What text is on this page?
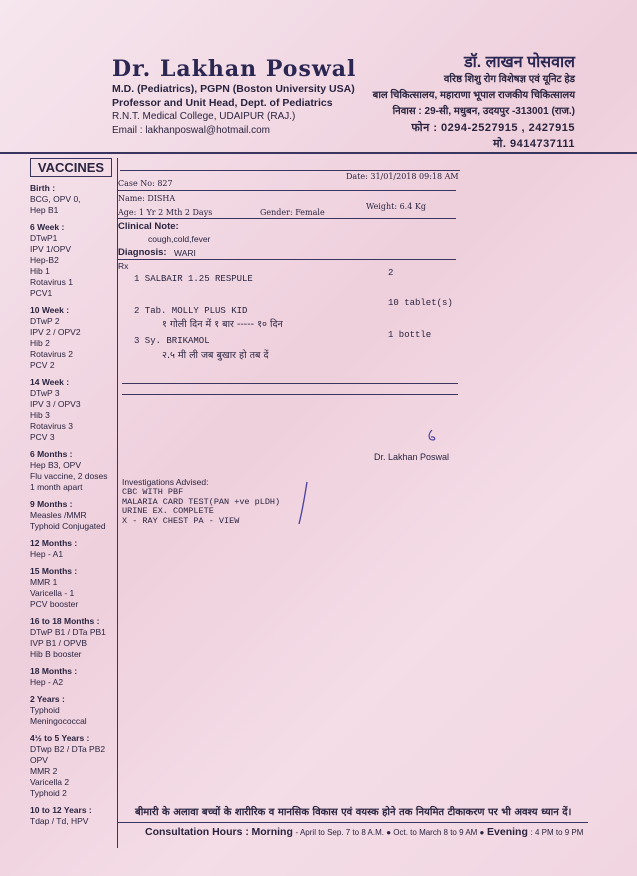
Dr. Lakhan Poswal
M.D. (Pediatrics), PGPN (Boston University USA)
Professor and Unit Head, Dept. of Pediatrics
R.N.T. Medical College, UDAIPUR (RAJ.)
Email : lakhanposwal@hotmail.com
डॉ. लाखन पोसवाल
वरिष्ठ शिशु रोग विशेषज्ञ एवं यूनिट हेड
बाल चिकित्सालय, महाराणा भूपाल राजकीय चिकित्सालय
निवास : 29-सी, मधुबन, उदयपुर -313001 (राज.)
फोन : 0294-2527915 , 2427915
मो. 9414737111
VACCINES
Birth :
BCG, OPV 0,
Hep B1
6 Week :
DTwP1
IPV 1/OPV
Hep-B2
Hib 1
Rotavirus 1
PCV1
10 Week :
DTwP 2
IPV 2 / OPV2
Hib 2
Rotavirus 2
PCV 2
14 Week :
DTwP 3
IPV 3 / OPV3
Hib 3
Rotavirus 3
PCV 3
6 Months :
Hep B3, OPV
Flu vaccine, 2 doses
1 month apart
9 Months :
Measles /MMR
Typhoid Conjugated
12 Months :
Hep - A1
15 Months :
MMR 1
Varicella - 1
PCV booster
16 to 18 Months :
DTwP B1 / DTa PB1
IVP B1 / OPVB
Hib B booster
18 Months :
Hep - A2
2 Years :
Typhoid
Meningococcal
4½ to 5 Years :
DTwp B2 / DTa PB2
OPV
MMR 2
Varicella 2
Typhoid 2
10 to 12 Years :
Tdap / Td, HPV
Date: 31/01/2018 09:18 AM
Case No: 827
Name: DISHA
Weight: 6.4 Kg
Age: 1 Yr 2 Mth 2 Days	Gender: Female
Clinical Note:
cough,cold,fever
Diagnosis: WARI
Rx
1 SALBAIR 1.25 RESPULE
2
2 Tab. MOLLY PLUS KID
10 tablet(s)
१ गोली दिन में १ बार ----- १० दिन
3 Sy. BRIKAMOL
1 bottle
२.५ मी ली जब बुखार हो तब दें
Dr. Lakhan Poswal
Investigations Advised:
CBC WITH PBF
MALARIA CARD TEST(PAN +ve pLDH)
URINE EX. COMPLETE
X - RAY CHEST PA - VIEW
बीमारी के अलावा बच्चों के शारीरिक व मानसिक विकास एवं वयस्क होने तक नियमित टीकाकरण पर भी अवश्य ध्यान दें।
Consultation Hours : Morning - April to Sep. 7 to 8 A.M. ● Oct. to March 8 to 9 AM ● Evening : 4 PM to 9 PM
